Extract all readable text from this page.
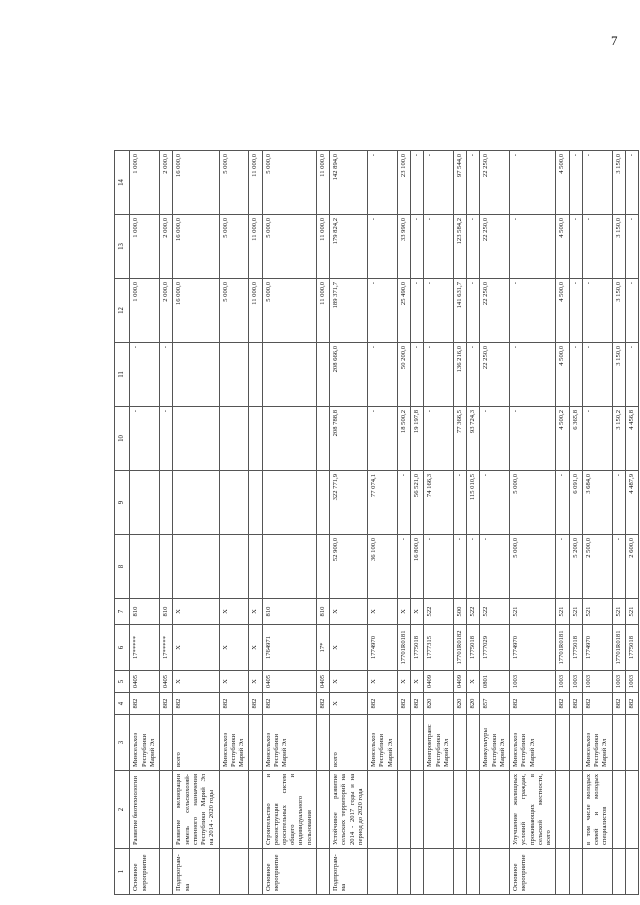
7
1	2	3	4	5	6	7	8	9	10	11	12	13	14
Основное мероприятие	Развитие биотехнологии	Минсельхоз Республики Марий Эл	882	0405	17*****	810			-	-	1 000,0	1 000,0	1 000,0
			882	0405	17*****	810			-	-	2 000,0	2 000,0	2 000,0
Подпрограм-ма	Развитие мелиорации земель сельскохозяй-ственного назначения Республики Марий Эл на 2014 - 2020 годы	всего	882	Х	Х	Х					16 000,0	16 000,0	16 000,0
		Минсельхоз Республики Марий Эл	882	Х	Х	Х					5 000,0	5 000,0	5 000,0
			882	Х	Х	Х					11 000,0	11 000,0	11 000,0
Основное мероприятие	Строительство и реконструкция оросительных систем общего и индивидуального пользования	Минсельхоз Республики Марий Эл	882	0405	1764971	810					5 000,0	5 000,0	5 000,0
			882	0405	17*	810					11 000,0	11 000,0	11 000,0
Подпрограм-ма	Устойчивое развитие сельских территорий на 2014 - 2017 годы и на период до 2020 года	всего	Х	Х	Х	Х	52 900,0	322 771,9	208 788,8	208 666,0	189 371,7	179 824,2	142 894,0
		Минсельхоз Республики Марий Эл	882	Х	1774970	Х	36 100,0	77 074,1	-	-	-	-	-
			882	Х	17701R0181	Х	-	-	18 500,2	50 200,0	25 490,0	33 990,0	23 100,0
			882	Х	1775018	Х	16 800,0	56 521,0	19 197,8	-	-	-	-
		Минпромтранс Республики Марий Эл	820	0409	1777315	522	-	74 166,3	-	-	-	-	-
			820	0409	17701R0182	500	-	-	77 366,5	136 216,0	141 631,7	123 584,2	97 544,0
			820	Х	1775018	522	-	115 010,5	93 724,3	-	-	-	-
		Минкультуры Республики Марий Эл	857	0801	1777029	522	-	-	-	22 250,0	22 250,0	22 250,0	22 250,0
Основное мероприятие	Улучшение жилищных условий граждан, проживающих в сельской местности, всего	Минсельхоз Республики Марий Эл	882	1003	1774970	521	5 000,0	5 000,0	-	-	-	-	-
			882	1003	17701R0181	521	-	-	4 500,2	4 500,0	4 500,0	4 500,0	4 500,0
			882	1003	1775018	521	5 200,0	6 091,0	6 365,8	-	-	-	-
	в том числе молодых семей и молодых специалистов	Минсельхоз Республики Марий Эл	882	1003	1774970	521	2 500,0	3 684,0	-	-	-	-	-
			882	1003	17701R0181	521	-	-	3 150,2	3 150,0	3 150,0	3 150,0	3 150,0
			882	1003	1775018	521	2 600,0	4 487,9	4 456,8	-	-	-	-
